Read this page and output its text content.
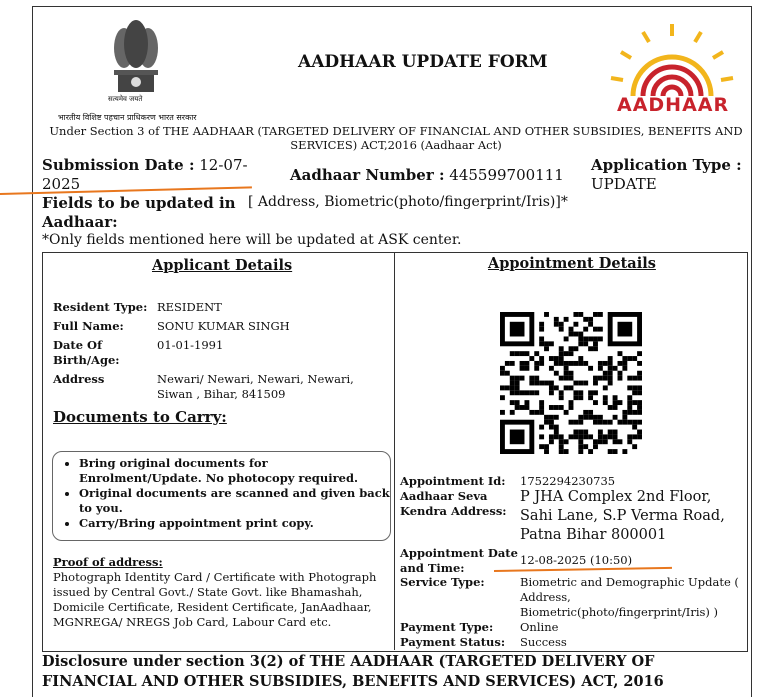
सत्यमेव जयते
भारतीय विशिष्ट पहचान प्राधिकरण भारत सरकार
AADHAAR UPDATE FORM
AADHAAR
Under Section 3 of THE AADHAAR (TARGETED DELIVERY OF FINANCIAL AND OTHER SUBSIDIES, BENEFITS AND
SERVICES) ACT,2016 (Aadhaar Act)
Submission Date : 12-07-2025	Aadhaar Number : 445599700111
Application Type :
UPDATE
Fields to be updated in Aadhaar:
[ Address, Biometric(photo/fingerprint/Iris)]*
*Only fields mentioned here will be updated at ASK center.
Applicant Details
Resident Type: RESIDENT
Full Name:	SONU KUMAR SINGH
Date Of Birth/Age:
01-01-1991
Address	Newari/ Newari, Newari, Newari, Siwan , Bihar, 841509
Documents to Carry:
• Bring original documents for Enrolment/Update. No photocopy required.
• Original documents are scanned and given back to you.
• Carry/Bring appointment print copy.
Proof of address:
Photograph Identity Card / Certificate with Photograph issued by Central Govt./ State Govt. like Bhamashah, Domicile Certificate, Resident Certificate, JanAadhaar, MGNREGA/ NREGS Job Card, Labour Card etc.
Appointment Details
Appointment Id:	1752294230735
Aadhaar Seva Kendra Address:
P JHA Complex 2nd Floor, Sahi Lane, S.P Verma Road, Patna Bihar 800001
Appointment Date and Time:
12-08-2025 (10:50)
Service Type:	Biometric and Demographic Update ( Address, Biometric(photo/fingerprint/Iris) )
Payment Type:	Online
Payment Status:	Success
Disclosure under section 3(2) of THE AADHAAR (TARGETED DELIVERY OF FINANCIAL AND OTHER SUBSIDIES, BENEFITS AND SERVICES) ACT, 2016
